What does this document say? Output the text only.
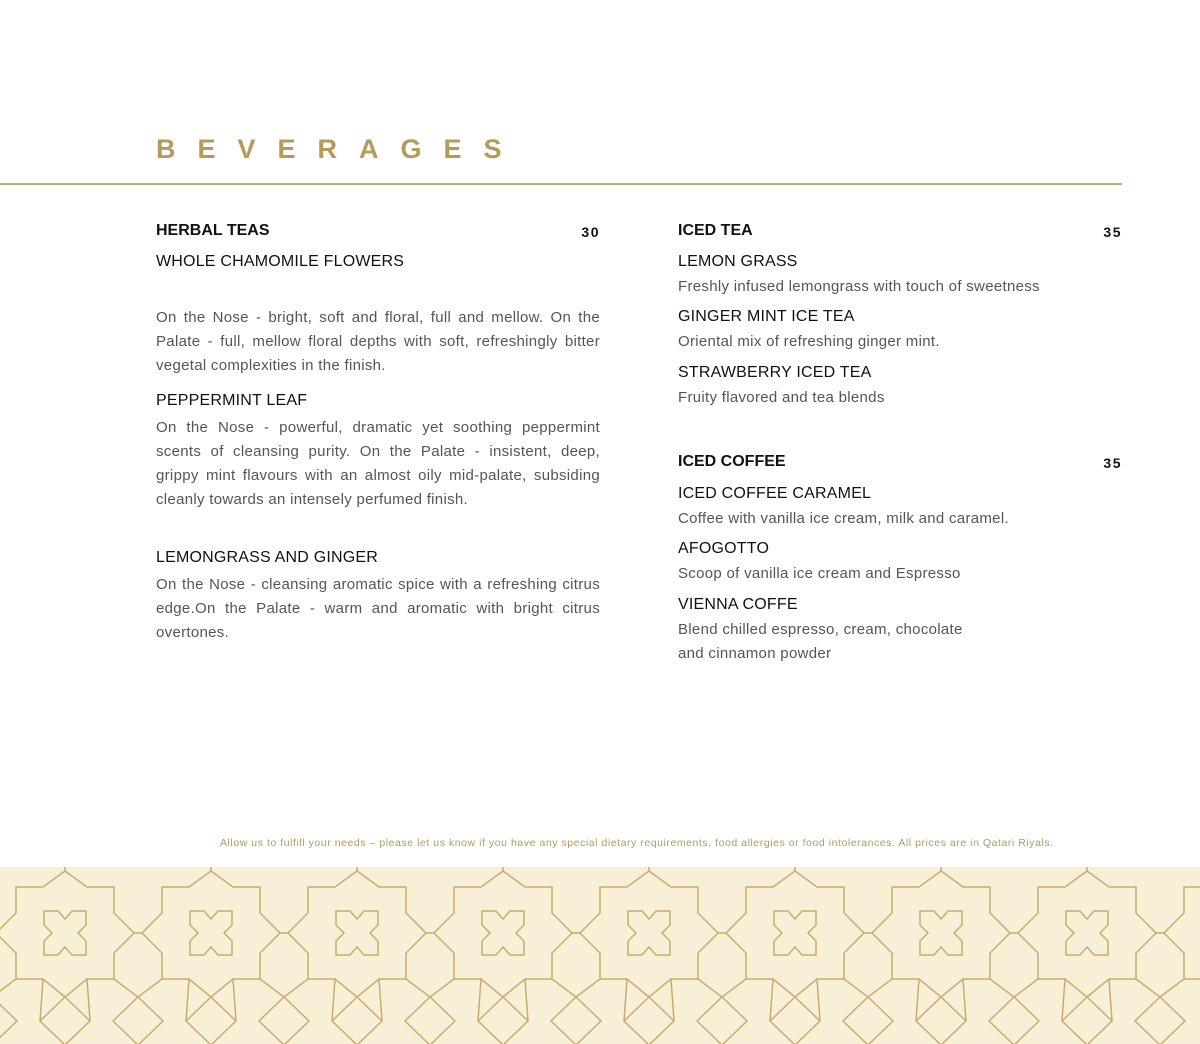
BEVERAGES
HERBAL TEAS	30
WHOLE CHAMOMILE FLOWERS
On the Nose - bright, soft and floral, full and mellow. On the Palate - full, mellow floral depths with soft, refreshingly bitter vegetal complexities in the finish.
PEPPERMINT LEAF
On the Nose - powerful, dramatic yet soothing peppermint scents of cleansing purity. On the Palate - insistent, deep, grippy mint flavours with an almost oily mid-palate, subsiding cleanly towards an intensely perfumed finish.
LEMONGRASS AND GINGER
On the Nose - cleansing aromatic spice with a refreshing citrus edge.On the Palate - warm and aromatic with bright citrus overtones.
ICED TEA	35
LEMON GRASS
Freshly infused lemongrass with touch of sweetness
GINGER MINT ICE TEA
Oriental mix of refreshing ginger mint.
STRAWBERRY ICED TEA
Fruity flavored and tea blends
ICED COFFEE	35
ICED COFFEE CARAMEL
Coffee with vanilla ice cream, milk and caramel.
AFOGOTTO
Scoop of vanilla ice cream and Espresso
VIENNA COFFE
Blend chilled espresso, cream, chocolate
and cinnamon powder
Allow us to fulfill your needs – please let us know if you have any special dietary requirements, food allergies or food intolerances. All prices are in Qatari Riyals.
